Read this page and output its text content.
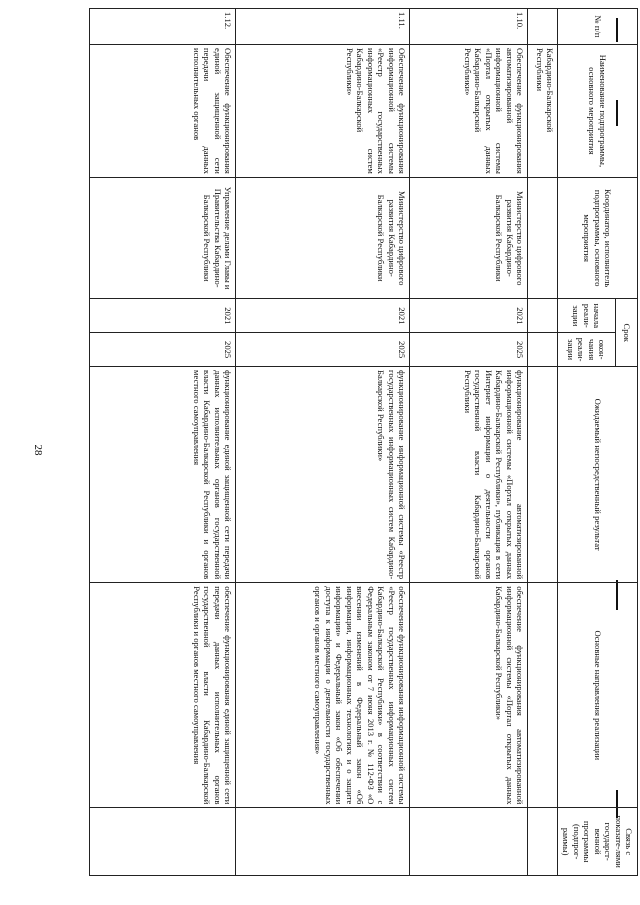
28
№ п/п	Наименование подпрограммы, основного мероприятия	Координатор, исполнитель подпрограммы, основного мероприятия	Срок		Ожидаемый непосредственный результат	Основные направления реализации	Связь с показате-лями государст-венной программы (подпрог-раммы)
			начала реали-зации	окон-чания реали-зации			
	Кабардино-Балкарской Республики						
1.10.	Обеспечение функционирования автоматизированной информационной системы «Портал открытых данных Кабардино-Балкарской Республики»	Министерство цифрового развития Кабардино-Балкарской Республики	2021	2025	функционирование автоматизированной информационной системы «Портал открытых данных Кабардино-Балкарской Республики», публикация в сети Интернет информации о деятельности органов государственной власти Кабардино-Балкарской Республики	обеспечение функционирования автоматизированной информационной системы «Портал открытых данных Кабардино-Балкарской Республики»	
1.11.	Обеспечение функционирования информационной системы «Реестр государственных информационных систем Кабардино-Балкарской Республики»	Министерство цифрового развития Кабардино-Балкарской Республики	2021	2025	функционирование информационной системы «Реестр государственных информационных систем Кабардино-Балкарской Республики»	обеспечение функционирования информационной системы «Реестр государственных информационных систем Кабардино-Балкарской Республики» в соответствии с Федеральным законом от 7 июня 2013 г. № 112-ФЗ «О внесении изменений в Федеральный закон «Об информации, информационных технологиях и о защите информации» и Федеральный закон «Об обеспечении доступа к информации о деятельности государственных органов и органов местного самоуправления»	
1.12.	Обеспечение функционирования единой защищенной сети передачи данных исполнительных органов	Управление делами Главы и Правительства Кабардино-Балкарской Республики	2021	2025	функционирование единой защищенной сети передачи данных исполнительных органов государственной власти Кабардино-Балкарской Республики и органов местного самоуправления	обеспечение функционирования единой защищенной сети передачи данных исполнительных органов государственной власти Кабардино-Балкарской Республики и органов местного самоуправления	
